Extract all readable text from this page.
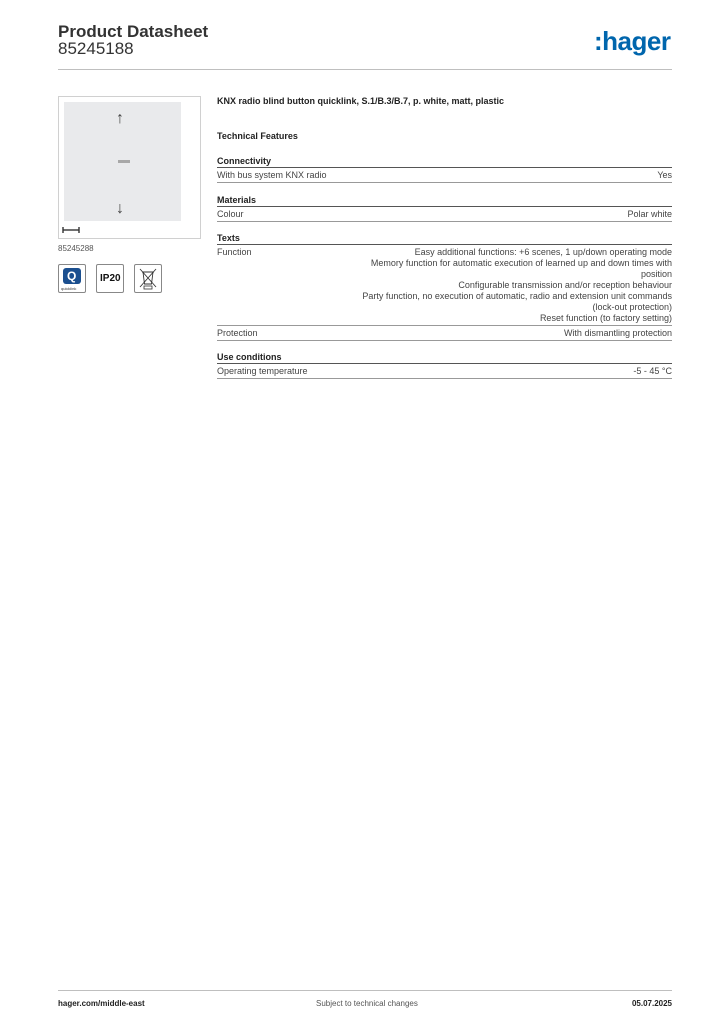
Product Datasheet
85245188	:hager
↑
↓
85245288
Q
quicklink
IP20
KNX radio blind button quicklink, S.1/B.3/B.7, p. white, matt, plastic
Technical Features
Connectivity
With bus system KNX radio	Yes
Materials
Colour	Polar white
Texts
Function	Easy additional functions: +6 scenes, 1 up/down operating mode
Memory function for automatic execution of learned up and down times with
position
Configurable transmission and/or reception behaviour
Party function, no execution of automatic, radio and extension unit commands
(lock-out protection)
Reset function (to factory setting)
Protection	With dismantling protection
Use conditions
Operating temperature	-5 - 45 °C
hager.com/middle-east	Subject to technical changes	05.07.2025
